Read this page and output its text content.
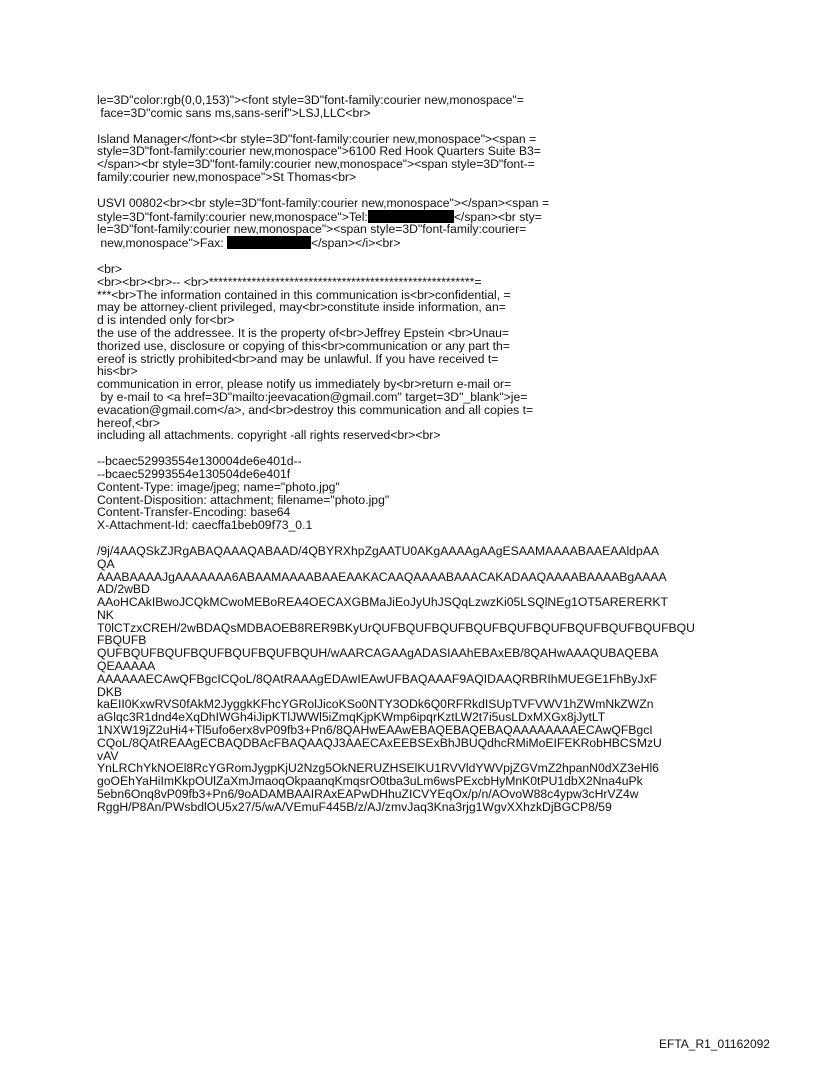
le=3D"color:rgb(0,0,153)"><font style=3D"font-family:courier new,monospace"=
face=3D"comic sans ms,sans-serif">LSJ,LLC<br>
Island Manager</font><br style=3D"font-family:courier new,monospace"><span =
style=3D"font-family:courier new,monospace">6100 Red Hook Quarters Suite B3=
</span><br style=3D"font-family:courier new,monospace"><span style=3D"font-=
family:courier new,monospace">St Thomas<br>
USVI 00802<br><br style=3D"font-family:courier new,monospace"></span><span =
style=3D"font-family:courier new,monospace">Tel:	</span><br sty=
le=3D"font-family:courier new,monospace"><span style=3D"font-family:courier=
new,monospace">Fax:	</span></i><br>
<br>
<br><br><br>-- <br>********************************************************=
***<br>The information contained in this communication is<br>confidential, =
may be attorney-client privileged, may<br>constitute inside information, an=
d is intended only for<br>
the use of the addressee. It is the property of<br>Jeffrey Epstein <br>Unau=
thorized use, disclosure or copying of this<br>communication or any part th=
ereof is strictly prohibited<br>and may be unlawful. If you have received t=
his<br>
communication in error, please notify us immediately by<br>return e-mail or=
by e-mail to <a href=3D"mailto:jeevacation@gmail.com" target=3D"_blank">je=
evacation@gmail.com</a>, and<br>destroy this communication and all copies t=
hereof,<br>
including all attachments. copyright -all rights reserved<br><br>
--bcaec52993554e130004de6e401d--
--bcaec52993554e130504de6e401f
Content-Type: image/jpeg; name="photo.jpg"
Content-Disposition: attachment; filename="photo.jpg"
Content-Transfer-Encoding: base64
X-Attachment-Id: caecffa1beb09f73_0.1
/9j/4AAQSkZJRgABAQAAAQABAAD/4QBYRXhpZgAATU0AKgAAAAgAAgESAAMAAAABAAEAAldpAA
QA
AAABAAAAJgAAAAAAA6ABAAMAAAABAAEAAKACAAQAAAABAAACAKADAAQAAAABAAAABgAAAA
AD/2wBD
AAoHCAkIBwoJCQkMCwoMEBoREA4OECAXGBMaJiEoJyUhJSQqLzwzKi05LSQlNEg1OT5ARERERKT
NK
T0lCTzxCREH/2wBDAQsMDBAOEB8RER9BKyUrQUFBQUFBQUFBQUFBQUFBQUFBQUFBQUFBQUFBQU
FBQUFB
QUFBQUFBQUFBQUFBQUFBQUFBQUH/wAARCAGAAgADASIAAhEBAxEB/8QAHwAAAQUBAQEBA
QEAAAAA
AAAAAAECAwQFBgcICQoL/8QAtRAAAgEDAwIEAwUFBAQAAAF9AQIDAAQRBRIhMUEGE1FhByJxF
DKB
kaEII0KxwRVS0fAkM2JyggkKFhcYGRolJicoKSo0NTY3ODk6Q0RFRkdISUpTVFVWV1hZWmNkZWZn
aGlqc3R1dnd4eXqDhIWGh4iJipKTlJWWl5iZmqKjpKWmp6ipqrKztLW2t7i5usLDxMXGx8jJytLT
1NXW19jZ2uHi4+Tl5ufo6erx8vP09fb3+Pn6/8QAHwEAAwEBAQEBAQEBAQAAAAAAAAECAwQFBgcI
CQoL/8QAtREAAgECBAQDBAcFBAQAAQJ3AAECAxEEBSExBhJBUQdhcRMiMoEIFEKRobHBCSMzU
vAV
YnLRChYkNOEl8RcYGRomJygpKjU2Nzg5OkNERUZHSElKU1RVVldYWVpjZGVmZ2hpanN0dXZ3eHl6
goOEhYaHiImKkpOUlZaXmJmaoqOkpaanqKmqsrO0tba3uLm6wsPExcbHyMnK0tPU1dbX2Nna4uPk
5ebn6Onq8vP09fb3+Pn6/9oADAMBAAIRAxEAPwDHhuZICVYEqOx/p/n/AOvoW88c4ypw3cHrVZ4w
RggH/P8An/PWsbdlOU5x27/5/wA/VEmuF445B/z/AJ/zmvJaq3Kna3rjg1WgvXXhzkDjBGCP8/59
EFTA_R1_01162092
